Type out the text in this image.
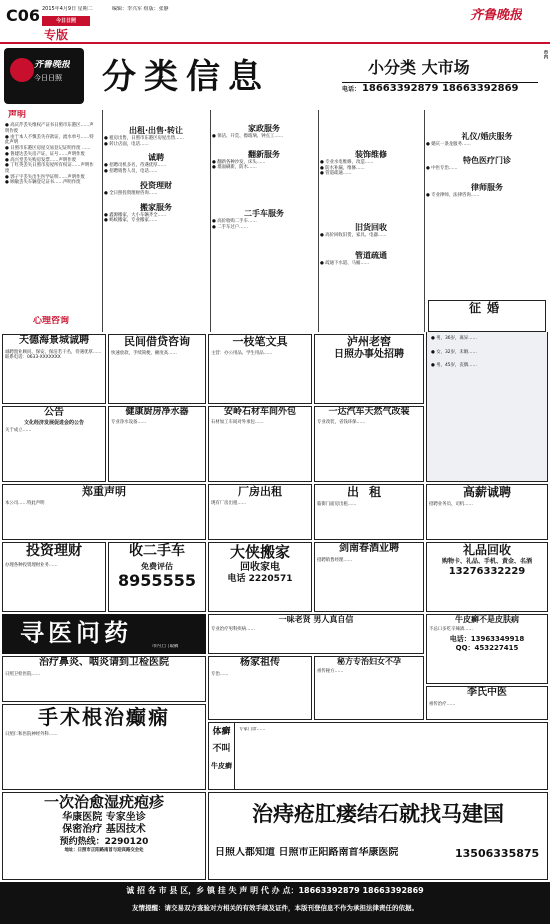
C06 2015年4月9日 星期二	编辑：李兴军 组版：张静
今日日照
专版
齐鲁晚报
齐鲁晚报
今日日照 分类信息	小分类 大市场
电话： 18663392879 18663392869
市内
声明
● 高庆芹丢失维权产证书日照市东港区……声明作废
● 由于本人不慎丢失存款证，流水单号……特此声明
● 日照市东港区房屋交易登记证明作废 ……
● 鲁建达丢失房产证，证号……声明作废
● 高兴堂丢失购房发票……声明作废
● 丁红英丢失日照市房屋所有权证……声明作废
● 郭子宇丢失出生医学证明……声明作废
● 顾敏丢失车辆登记证书……声明作废
心理咨询
出租·出售·转让
● 租房出售，日照市东港区房屋出售……
● 转让店面，电话……
诚聘
● 招聘司机多名，待遇优厚……
● 招聘销售人员，电话……
投资理财
● 全日照投资理财咨询……
搬家服务
● 鑫源搬家，大小车辆齐全……
● 蚂蚁搬家，专业搬家……
家政服务
● 保洁、开荒、擦玻璃、钟点工……
翻新服务
● 翻新各种沙发，床头……
● 墙面刷新，防水……
二手车服务
● 高价收购二手车……
● 二手车过户……
装饰维修
● 专业水电维修，改造……
● 防水补漏，维修……
● 管道疏通……
旧货回收
● 高价回收旧货，家具、电器……
管道疏通
● 疏通下水道、马桶……
礼仪/婚庆服务
● 婚庆一条龙服务……
特色医疗门诊
● 中医专治……
律师服务
● 专业律师，法律咨询……
征婚
● 男，36岁，离异……
● 女，32岁，未婚……
● 男，45岁，丧偶……
天德海景城诚聘
诚聘置业顾问、保安、保洁若干名，待遇优厚……联系电话：0633-XXXXXXX
民间借贷咨询
快速放款，手续简便，额度高……
一枝笔文具
主营：办公用品、学生用品……
泸州老窖
日照办事处招聘
公告
文化经济发展促进会的公告
关于成立……
健康厨房净水器
专业净水设备……
安岭石材车间外包
石材加工车间对外承包……
一达汽车天然气改装
专业改装，省钱环保……
郑重声明
本公司……特此声明
厂房出租
现有厂房出租……
出租
临街门面房出租……
高薪诚聘
招聘业务员、司机……
投资理财
办理各种投资理财业务……
收二手车
免费评估
8955555
大侠搬家
回收家电
电话 2220571
剑南春酒业聘
招聘销售经理……
礼品回收
购物卡、礼品、手机、黄金、名酒
13276332229
寻医问药	市内上门取稿
一味老贤 男人真自信
专业治疗男科疾病……
牛皮癣不是皮肤病
不忌口多吃辛辣酒……
电话：13963349918
QQ：453227415
治疗鼻炎、咽炎请到卫检医院
日照卫检医院……
杨家祖传
专治……
秘方专治妇女不孕
祖传秘方……
李氏中医
祖传治疗……
手术根治癫痫
日照仁和医院神经外科……	体癣
不叫
牛皮癣
专家门诊……
一次治愈湿疣疱疹
华康医院 专家坐诊
保密治疗 基因技术
预约热线：2290120
地址：日照市正阳路南首与迎宾路交会处
治痔疮肛瘘结石就找马建国
日照人都知道 日照市正阳路南首华康医院	13506335875
诚 招 各 市 县 区，乡 镇 挂 失 声 明 代 办 点：18663392879 18663392869
友情提醒：请交易双方查验对方相关的有效手续及证件，本版刊登信息不作为承担法律责任的依据。
